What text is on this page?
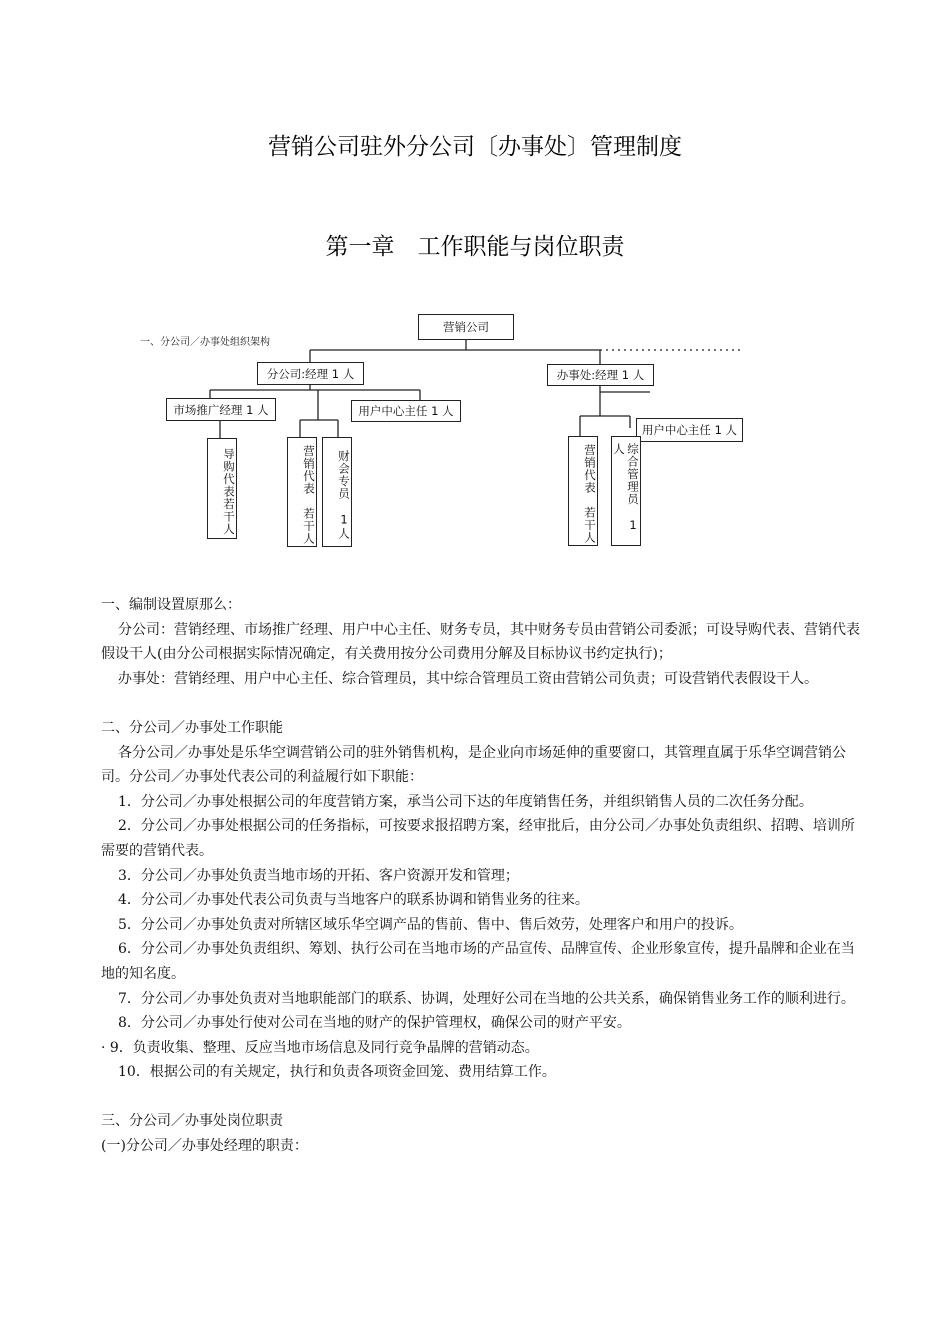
营销公司驻外分公司〔办事处〕管理制度
第一章　工作职能与岗位职责
一、分公司／办事处组织架构
营销公司
分公司:经理 1 人	办事处:经理 1 人
市场推广经理 1 人	用户中心主任 1 人
用户中心主任 1 人
导购代表若干人	营销代表　若干人	财会专员　1人	营销代表　若干人	综合管理员　1人

一、编制设置原那么：

分公司：营销经理、市场推广经理、用户中心主任、财务专员，其中财务专员由营销公司委派；可设导购代表、营销代表假设干人(由分公司根据实际情况确定，有关费用按分公司费用分解及目标协议书约定执行)；

办事处：营销经理、用户中心主任、综合管理员，其中综合管理员工资由营销公司负责；可设营销代表假设干人。

二、分公司／办事处工作职能

各分公司／办事处是乐华空调营销公司的驻外销售机构，是企业向市场延伸的重要窗口，其管理直属于乐华空调营销公司。分公司／办事处代表公司的利益履行如下职能：

1．分公司／办事处根据公司的年度营销方案，承当公司下达的年度销售任务，并组织销售人员的二次任务分配。

2．分公司／办事处根据公司的任务指标，可按要求报招聘方案，经审批后，由分公司／办事处负责组织、招聘、培训所需要的营销代表。

3．分公司／办事处负责当地市场的开拓、客户资源开发和管理；

4．分公司／办事处代表公司负责与当地客户的联系协调和销售业务的往来。

5．分公司／办事处负责对所辖区域乐华空调产品的售前、售中、售后效劳，处理客户和用户的投诉。

6．分公司／办事处负责组织、筹划、执行公司在当地市场的产品宣传、品牌宣传、企业形象宣传，提升晶牌和企业在当地的知名度。

7．分公司／办事处负责对当地职能部门的联系、协调，处理好公司在当地的公共关系，确保销售业务工作的顺利进行。

8．分公司／办事处行使对公司在当地的财产的保护管理权，确保公司的财产平安。

· 9．负责收集、整理、反应当地市场信息及同行竞争晶牌的营销动态。

10．根据公司的有关规定，执行和负责各项资金回笼、费用结算工作。

三、分公司／办事处岗位职责

(一)分公司／办事处经理的职责：
